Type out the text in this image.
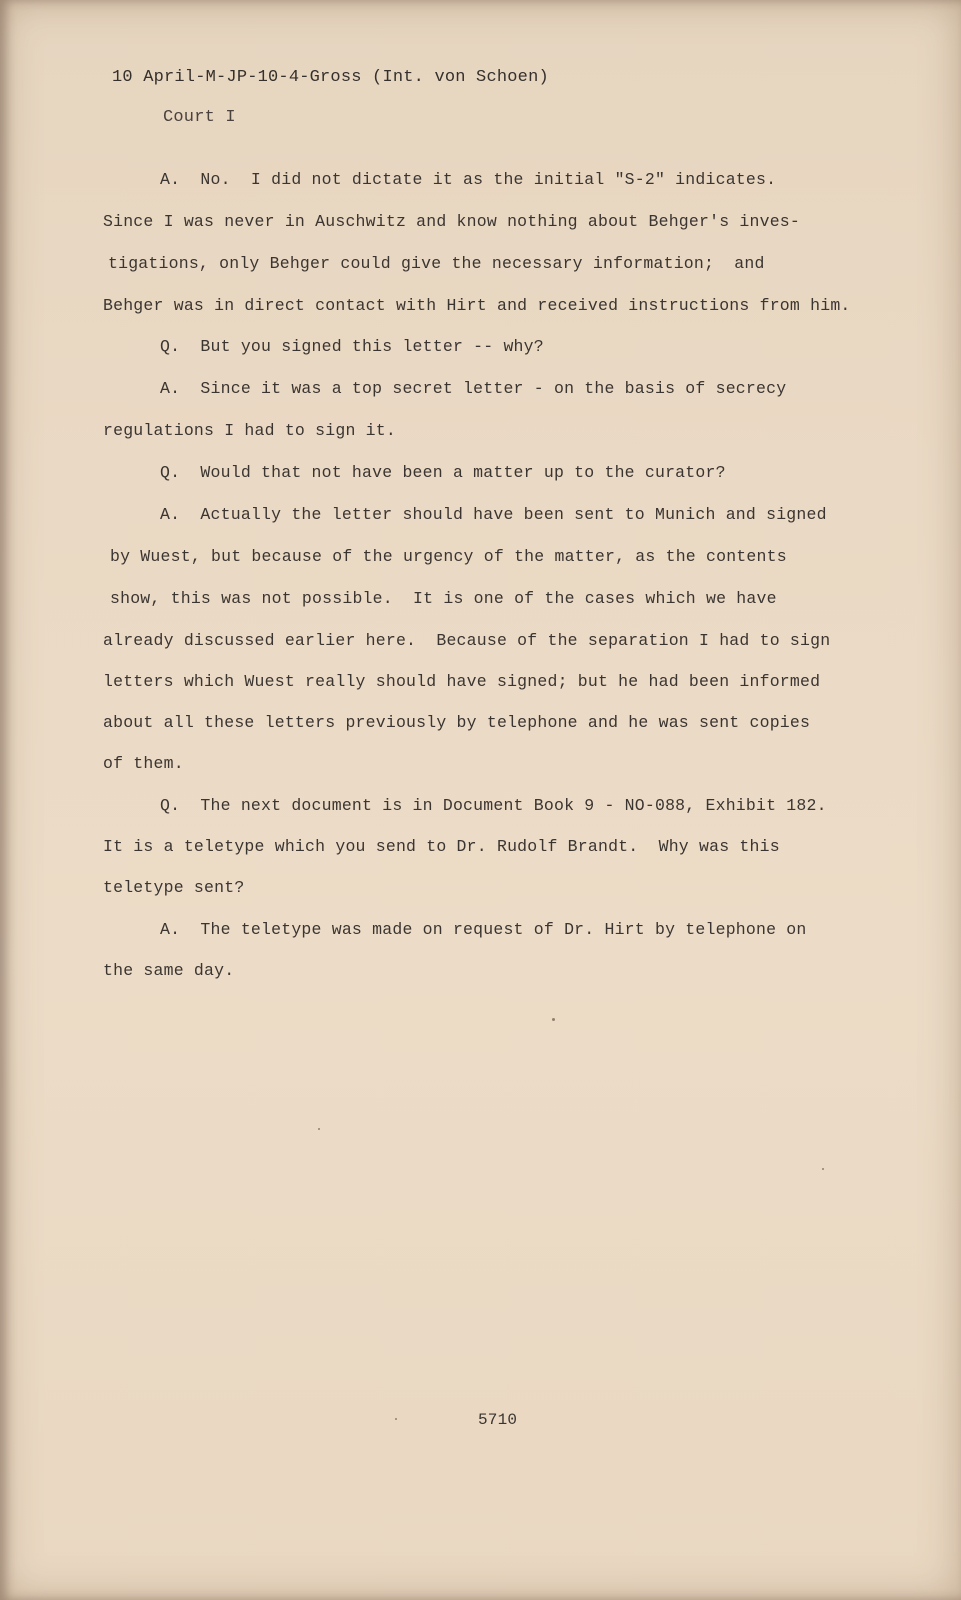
10 April-M-JP-10-4-Gross (Int. von Schoen)
Court I
A.  No.  I did not dictate it as the initial "S-2" indicates.
Since I was never in Auschwitz and know nothing about Behger's inves-
tigations, only Behger could give the necessary information;  and
Behger was in direct contact with Hirt and received instructions from him.
Q.  But you signed this letter -- why?
A.  Since it was a top secret letter - on the basis of secrecy
regulations I had to sign it.
Q.  Would that not have been a matter up to the curator?
A.  Actually the letter should have been sent to Munich and signed
by Wuest, but because of the urgency of the matter, as the contents
show, this was not possible.  It is one of the cases which we have
already discussed earlier here.  Because of the separation I had to sign
letters which Wuest really should have signed; but he had been informed
about all these letters previously by telephone and he was sent copies
of them.
Q.  The next document is in Document Book 9 - NO-088, Exhibit 182.
It is a teletype which you send to Dr. Rudolf Brandt.  Why was this
teletype sent?
A.  The teletype was made on request of Dr. Hirt by telephone on
the same day.
5710
